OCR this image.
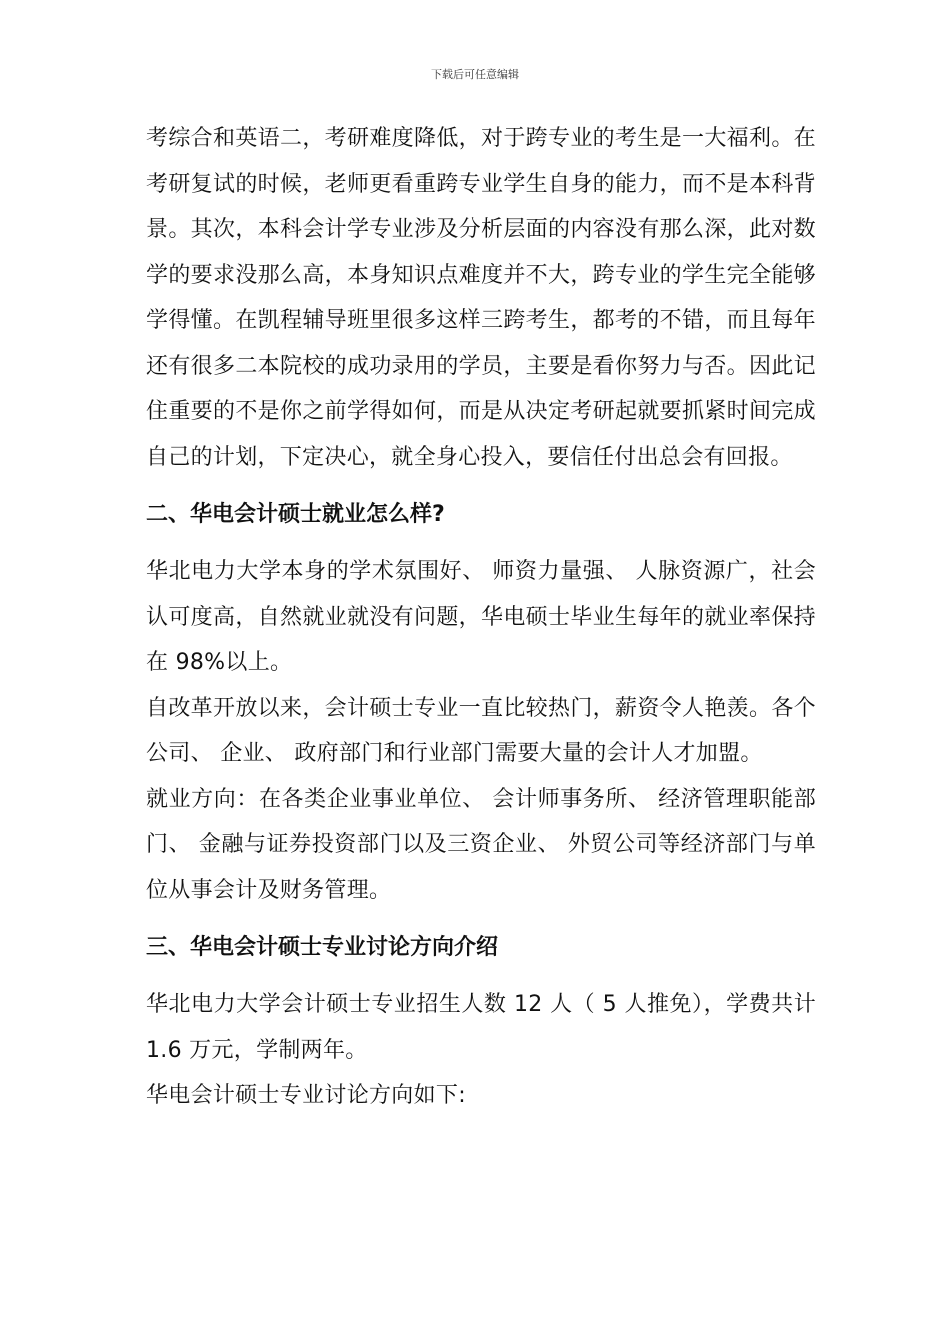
下载后可任意编辑

考综合和英语二，考研难度降低，对于跨专业的考生是一大福利。在考研复试的时候，老师更看重跨专业学生自身的能力，而不是本科背景。其次，本科会计学专业涉及分析层面的内容没有那么深，此对数学的要求没那么高，本身知识点难度并不大，跨专业的学生完全能够学得懂。在凯程辅导班里很多这样三跨考生，都考的不错，而且每年还有很多二本院校的成功录用的学员，主要是看你努力与否。因此记住重要的不是你之前学得如何，而是从决定考研起就要抓紧时间完成自己的计划，下定决心，就全身心投入，要信任付出总会有回报。

二、华电会计硕士就业怎么样?

华北电力大学本身的学术氛围好、 师资力量强、 人脉资源广，社会认可度高，自然就业就没有问题，华电硕士毕业生每年的就业率保持在 98%以上。

自改革开放以来，会计硕士专业一直比较热门，薪资令人艳羡。各个公司、 企业、 政府部门和行业部门需要大量的会计人才加盟。

就业方向：在各类企业事业单位、 会计师事务所、 经济管理职能部门、 金融与证券投资部门以及三资企业、 外贸公司等经济部门与单位从事会计及财务管理。

三、华电会计硕士专业讨论方向介绍

华北电力大学会计硕士专业招生人数 12 人（ 5 人推免），学费共计 1.6 万元，学制两年。

华电会计硕士专业讨论方向如下:
